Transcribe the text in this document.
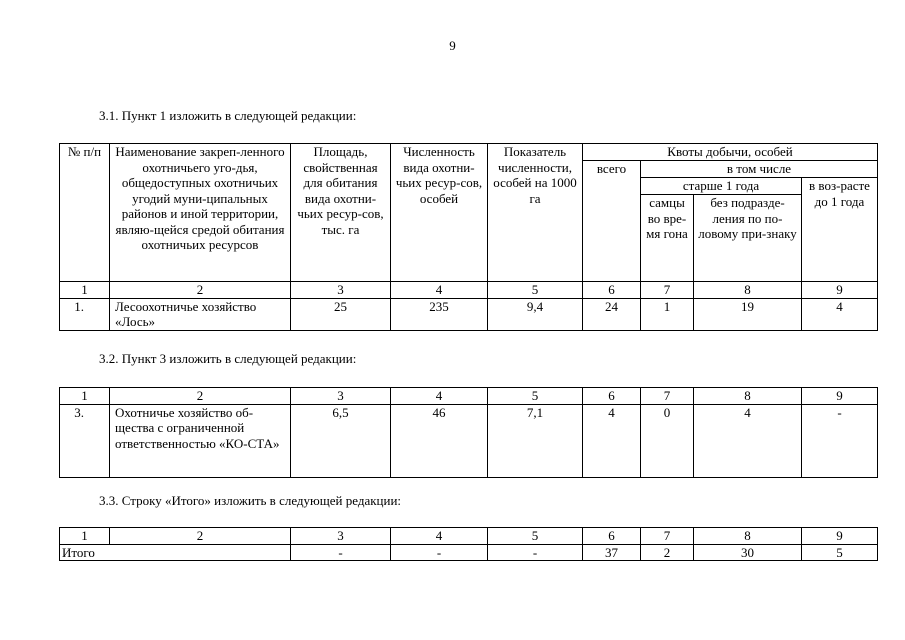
9
3.1. Пункт 1 изложить в следующей редакции:
№ п/п	Наименование закреп-ленного охотничьего уго-дья, общедоступных охотничьих угодий муни-ципальных районов и иной территории, являю-щейся средой обитания охотничьих ресурсов	Площадь, свойственная для обитания вида охотни-чьих ресур-сов, тыс. га	Численность вида охотни-чьих ресур-сов, особей	Показатель численности, особей на 1000 га	Квоты добычи, особей			
					всего	в том числе		
						старше 1 года		в воз-расте до 1 года
						самцы во вре-мя гона	без подразде-ления по по-ловому при-знаку	

1	2	3	4	5	6	7	8	9
1.	Лесоохотничье хозяйство «Лось»	25	235	9,4	24	1	19	4
3.2. Пункт 3 изложить в следующей редакции:
1	2	3	4	5	6	7	8	9
3.	Охотничье хозяйство об-щества с ограниченной ответственностью «КО-СТА»	6,5	46	7,1	4	0	4	-
3.3. Строку «Итого» изложить в следующей редакции:
1	2	3	4	5	6	7	8	9
Итого		-	-	-	37	2	30	5
